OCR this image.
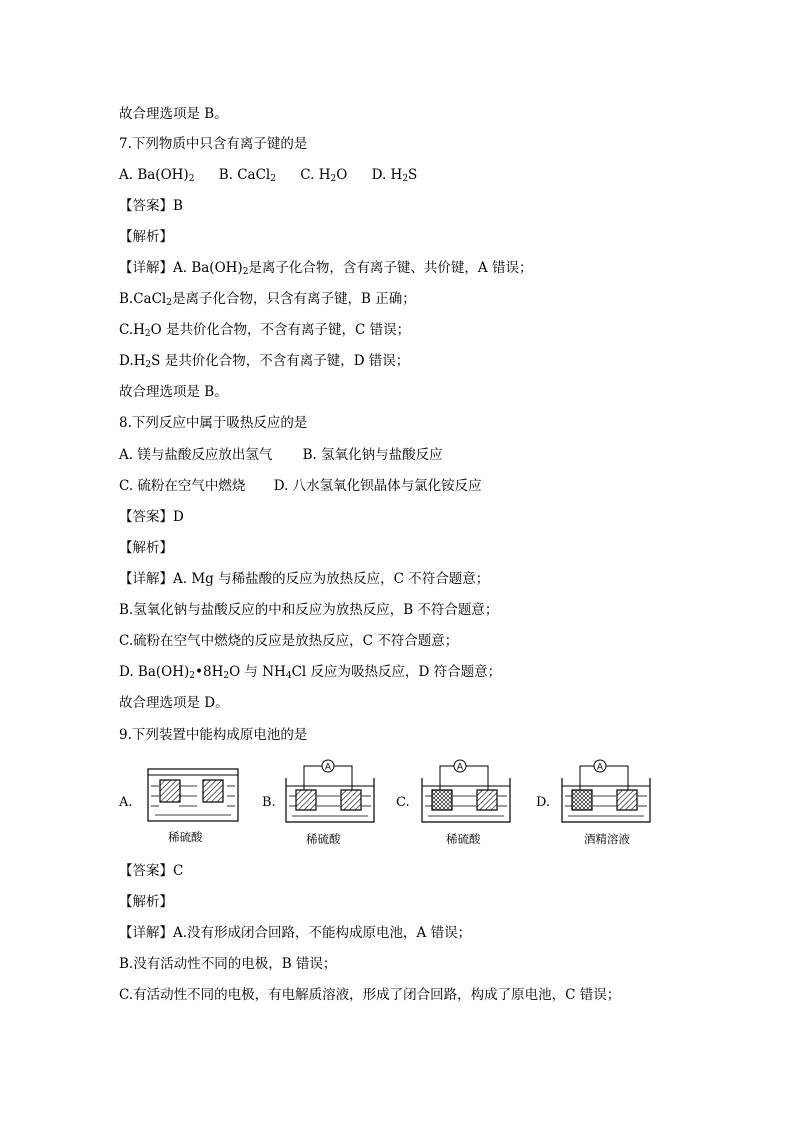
故合理选项是 B。
7.下列物质中只含有离子键的是
A. $Ba(OH)_2$ B. CaCl$_2$ C. $H_2O$ D. $H_2S$
【答案】B
【解析】
【详解】A. $Ba(OH)_2$是离子化合物，含有离子键、共价键，A 错误；
B.CaCl$_2$是离子化合物，只含有离子键，B 正确；
$C.H_2O$ 是共价化合物，不含有离子键，C 错误；
$D.H_2S$ 是共价化合物，不含有离子键，D 错误；
故合理选项是 B。
8.下列反应中属于吸热反应的是
A. 镁与盐酸反应放出氢气 B. 氢氧化钠与盐酸反应
C. 硫粉在空气中燃烧 D. 八水氢氧化钡晶体与氯化铵反应
【答案】D
【解析】
【详解】A. Mg 与稀盐酸的反应为放热反应，C 不符合题意；
B.氢氧化钠与盐酸反应的中和反应为放热反应，B 不符合题意；
C.硫粉在空气中燃烧的反应是放热反应，C 不符合题意；
D. $Ba(OH)_2•8H_2O$ 与 $NH_4Cl$ 反应为吸热反应，D 符合题意；
故合理选项是 D。
9.下列装置中能构成原电池的是
A.
稀硫酸
B.
A
稀硫酸
C.
A
稀硫酸
D.
A
酒精溶液
【答案】C
【解析】
【详解】A.没有形成闭合回路，不能构成原电池，A 错误；
B.没有活动性不同的电极，B 错误；
C.有活动性不同的电极，有电解质溶液，形成了闭合回路，构成了原电池，C 错误；
